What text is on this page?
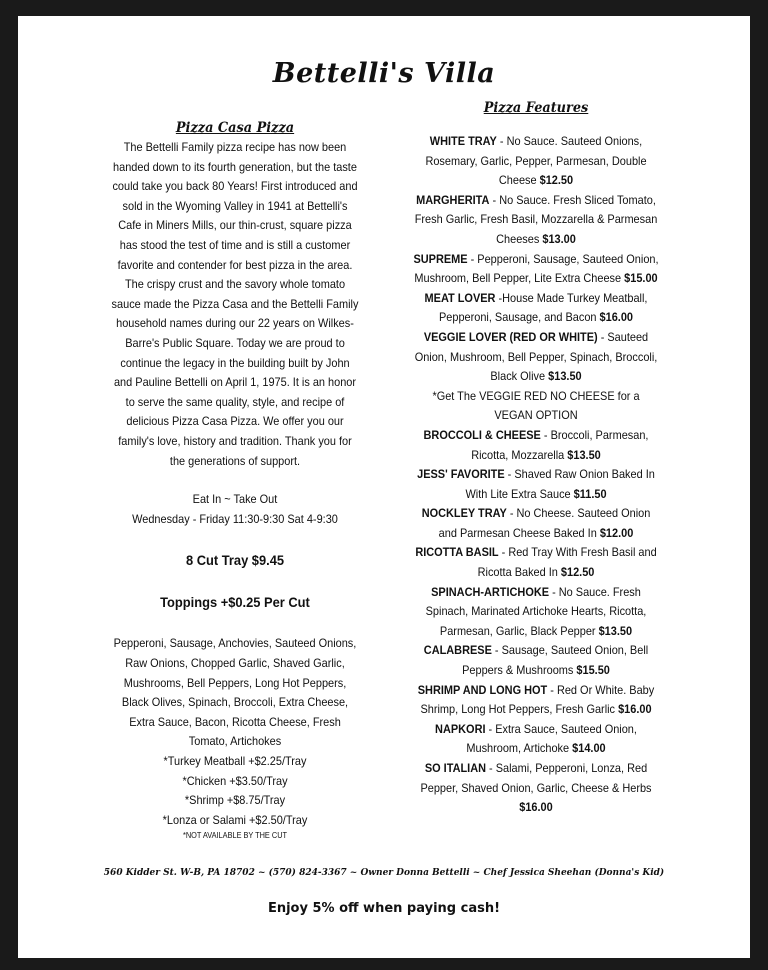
Bettelli's Villa
Pizza Casa Pizza
The Bettelli Family pizza recipe has now been handed down to its fourth generation, but the taste could take you back 80 Years! First introduced and sold in the Wyoming Valley in 1941 at Bettelli's Cafe in Miners Mills, our thin-crust, square pizza has stood the test of time and is still a customer favorite and contender for best pizza in the area. The crispy crust and the savory whole tomato sauce made the Pizza Casa and the Bettelli Family household names during our 22 years on Wilkes-Barre's Public Square. Today we are proud to continue the legacy in the building built by John and Pauline Bettelli on April 1, 1975. It is an honor to serve the same quality, style, and recipe of delicious Pizza Casa Pizza. We offer you our family's love, history and tradition. Thank you for the generations of support.
Eat In ~ Take Out
Wednesday - Friday 11:30-9:30 Sat 4-9:30
8 Cut Tray $9.45
Toppings +$0.25 Per Cut
Pepperoni, Sausage, Anchovies, Sauteed Onions, Raw Onions, Chopped Garlic, Shaved Garlic, Mushrooms, Bell Peppers, Long Hot Peppers, Black Olives, Spinach, Broccoli, Extra Cheese, Extra Sauce, Bacon, Ricotta Cheese, Fresh Tomato, Artichokes
*Turkey Meatball +$2.25/Tray
*Chicken +$3.50/Tray
*Shrimp +$8.75/Tray
*Lonza or Salami +$2.50/Tray
*NOT AVAILABLE BY THE CUT
Pizza Features
WHITE TRAY - No Sauce. Sauteed Onions, Rosemary, Garlic, Pepper, Parmesan, Double Cheese $12.50
MARGHERITA - No Sauce. Fresh Sliced Tomato, Fresh Garlic, Fresh Basil, Mozzarella & Parmesan Cheeses $13.00
SUPREME - Pepperoni, Sausage, Sauteed Onion, Mushroom, Bell Pepper, Lite Extra Cheese $15.00
MEAT LOVER -House Made Turkey Meatball, Pepperoni, Sausage, and Bacon $16.00
VEGGIE LOVER (RED OR WHITE) - Sauteed Onion, Mushroom, Bell Pepper, Spinach, Broccoli, Black Olive $13.50
*Get The VEGGIE RED NO CHEESE for a VEGAN OPTION
BROCCOLI & CHEESE - Broccoli, Parmesan, Ricotta, Mozzarella $13.50
JESS' FAVORITE - Shaved Raw Onion Baked In With Lite Extra Sauce $11.50
NOCKLEY TRAY - No Cheese. Sauteed Onion and Parmesan Cheese Baked In $12.00
RICOTTA BASIL - Red Tray With Fresh Basil and Ricotta Baked In $12.50
SPINACH-ARTICHOKE - No Sauce. Fresh Spinach, Marinated Artichoke Hearts, Ricotta, Parmesan, Garlic, Black Pepper $13.50
CALABRESE - Sausage, Sauteed Onion, Bell Peppers & Mushrooms $15.50
SHRIMP AND LONG HOT - Red Or White. Baby Shrimp, Long Hot Peppers, Fresh Garlic $16.00
NAPKORI - Extra Sauce, Sauteed Onion, Mushroom, Artichoke $14.00
SO ITALIAN - Salami, Pepperoni, Lonza, Red Pepper, Shaved Onion, Garlic, Cheese & Herbs $16.00
560 Kidder St. W-B, PA 18702 ~ (570) 824-3367 ~ Owner Donna Bettelli ~ Chef Jessica Sheehan (Donna's Kid)
Enjoy 5% off when paying cash!
